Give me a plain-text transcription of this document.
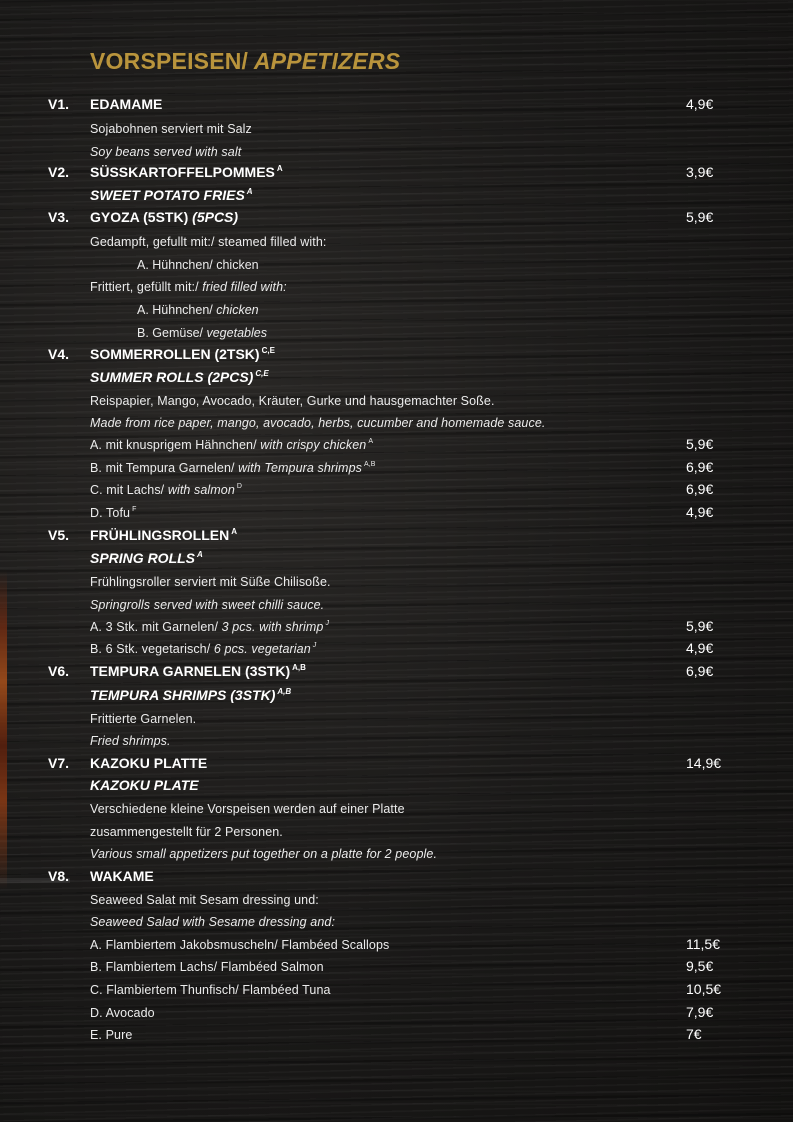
VORSPEISEN/ APPETIZERS
V1. EDAMAME	4,9€
Sojabohnen serviert mit Salz
Soy beans served with salt
V2. SÜSSKARTOFFELPOMMES $^A$	3,9€
SWEET POTATO FRIES $^A$
V3. GYOZA (5STK) (5PCS)	5,9€
Gedampft, gefullt mit:/ steamed filled with:
A. Hühnchen/ chicken
Frittiert, gefüllt mit:/ fried filled with:
A. Hühnchen/ chicken
B. Gemüse/ vegetables
V4. SOMMERROLLEN (2TSK) $^{C,E}$
SUMMER ROLLS (2PCS) $^{C,E}$
Reispapier, Mango, Avocado, Kräuter, Gurke und hausgemachter Soße.
Made from rice paper, mango, avocado, herbs, cucumber and homemade sauce.
A. mit knusprigem Hähnchen/ with crispy chicken $^A$	5,9€
B. mit Tempura Garnelen/ with Tempura shrimps $^{A,B}$	6,9€
C. mit Lachs/ with salmon $^D$	6,9€
D. Tofu $^F$	4,9€
V5. FRÜHLINGSROLLEN $^A$
SPRING ROLLS $^A$
Frühlingsroller serviert mit Süße Chilisoße.
Springrolls served with sweet chilli sauce.
A. 3 Stk. mit Garnelen/ 3 pcs. with shrimp $^J$	5,9€
B. 6 Stk. vegetarisch/ 6 pcs. vegetarian $^J$	4,9€
V6. TEMPURA GARNELEN (3STK) $^{A,B}$	6,9€
TEMPURA SHRIMPS (3STK) $^{A,B}$
Frittierte Garnelen.
Fried shrimps.
V7. KAZOKU PLATTE	14,9€
KAZOKU PLATE
Verschiedene kleine Vorspeisen werden auf einer Platte
zusammengestellt für 2 Personen.
Various small appetizers put together on a platte for 2 people.
V8. WAKAME
Seaweed Salat mit Sesam dressing und:
Seaweed Salad with Sesame dressing and:
A. Flambiertem Jakobsmuscheln/ Flambéed Scallops	11,5€
B. Flambiertem Lachs/ Flambéed Salmon	9,5€
C. Flambiertem Thunfisch/ Flambéed Tuna	10,5€
D. Avocado	7,9€
E. Pure	7€
